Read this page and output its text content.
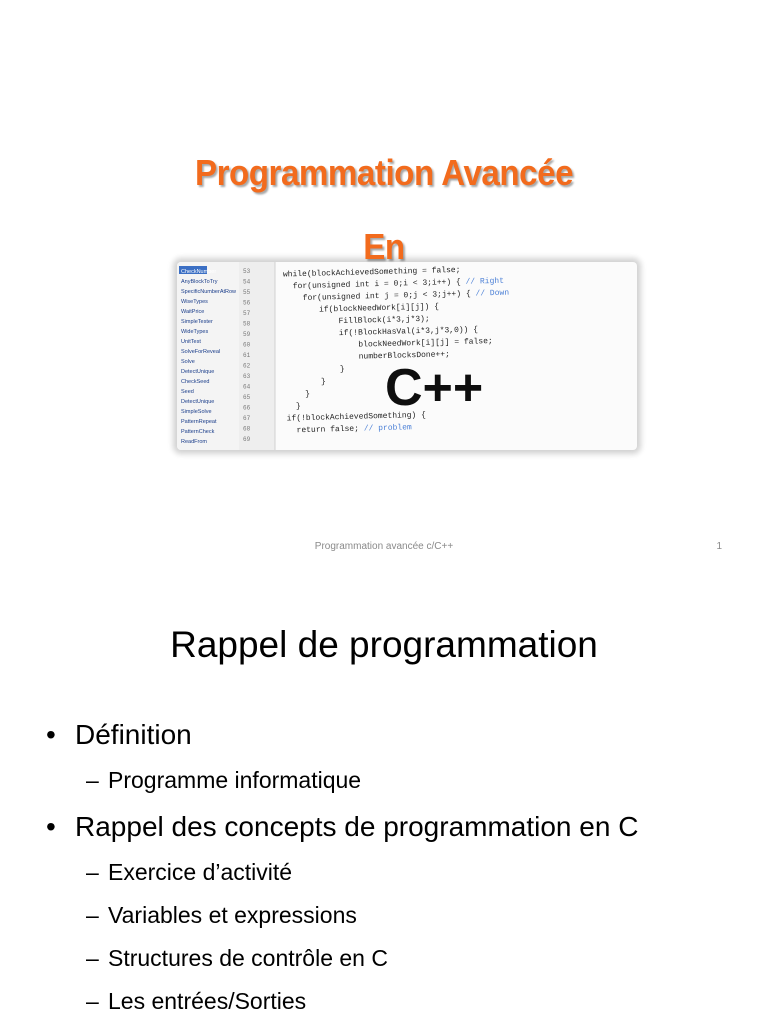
Programmation Avancée
CheckNumber
AnyBlockToTry
SpecificNumberAtRow
WiseTypes
WaitPrice
SimpleTester
WideTypes
UnitTest
SolveForReveal
Solve
DetectUnique
CheckSeed
Seed
DetectUnique
SimpleSolve
PatternRepeat
PatternCheck
ReadFrom
53
54
55
56
57
58
59
60
61
62
63
64
65
66
67
68
69
while(blockAchievedSomething = false;
for(unsigned int i = 0;i < 3;i++) { // Right
for(unsigned int j = 0;j < 3;j++) { // Down
if(blockNeedWork[i][j]) {
FillBlock(i*3,j*3);
if(!BlockHasVal(i*3,j*3,0)) {
blockNeedWork[i][j] = false;
numberBlocksDone++;
}
}
}
}
if(!blockAchievedSomething) {
return false; // problem
C++
En
Programmation avancée c/C++	1
Rappel de programmation
• Définition
– Programme informatique
• Rappel des concepts de programmation en C
– Exercice d’activité
– Variables et expressions
– Structures de contrôle en C
– Les entrées/Sorties
